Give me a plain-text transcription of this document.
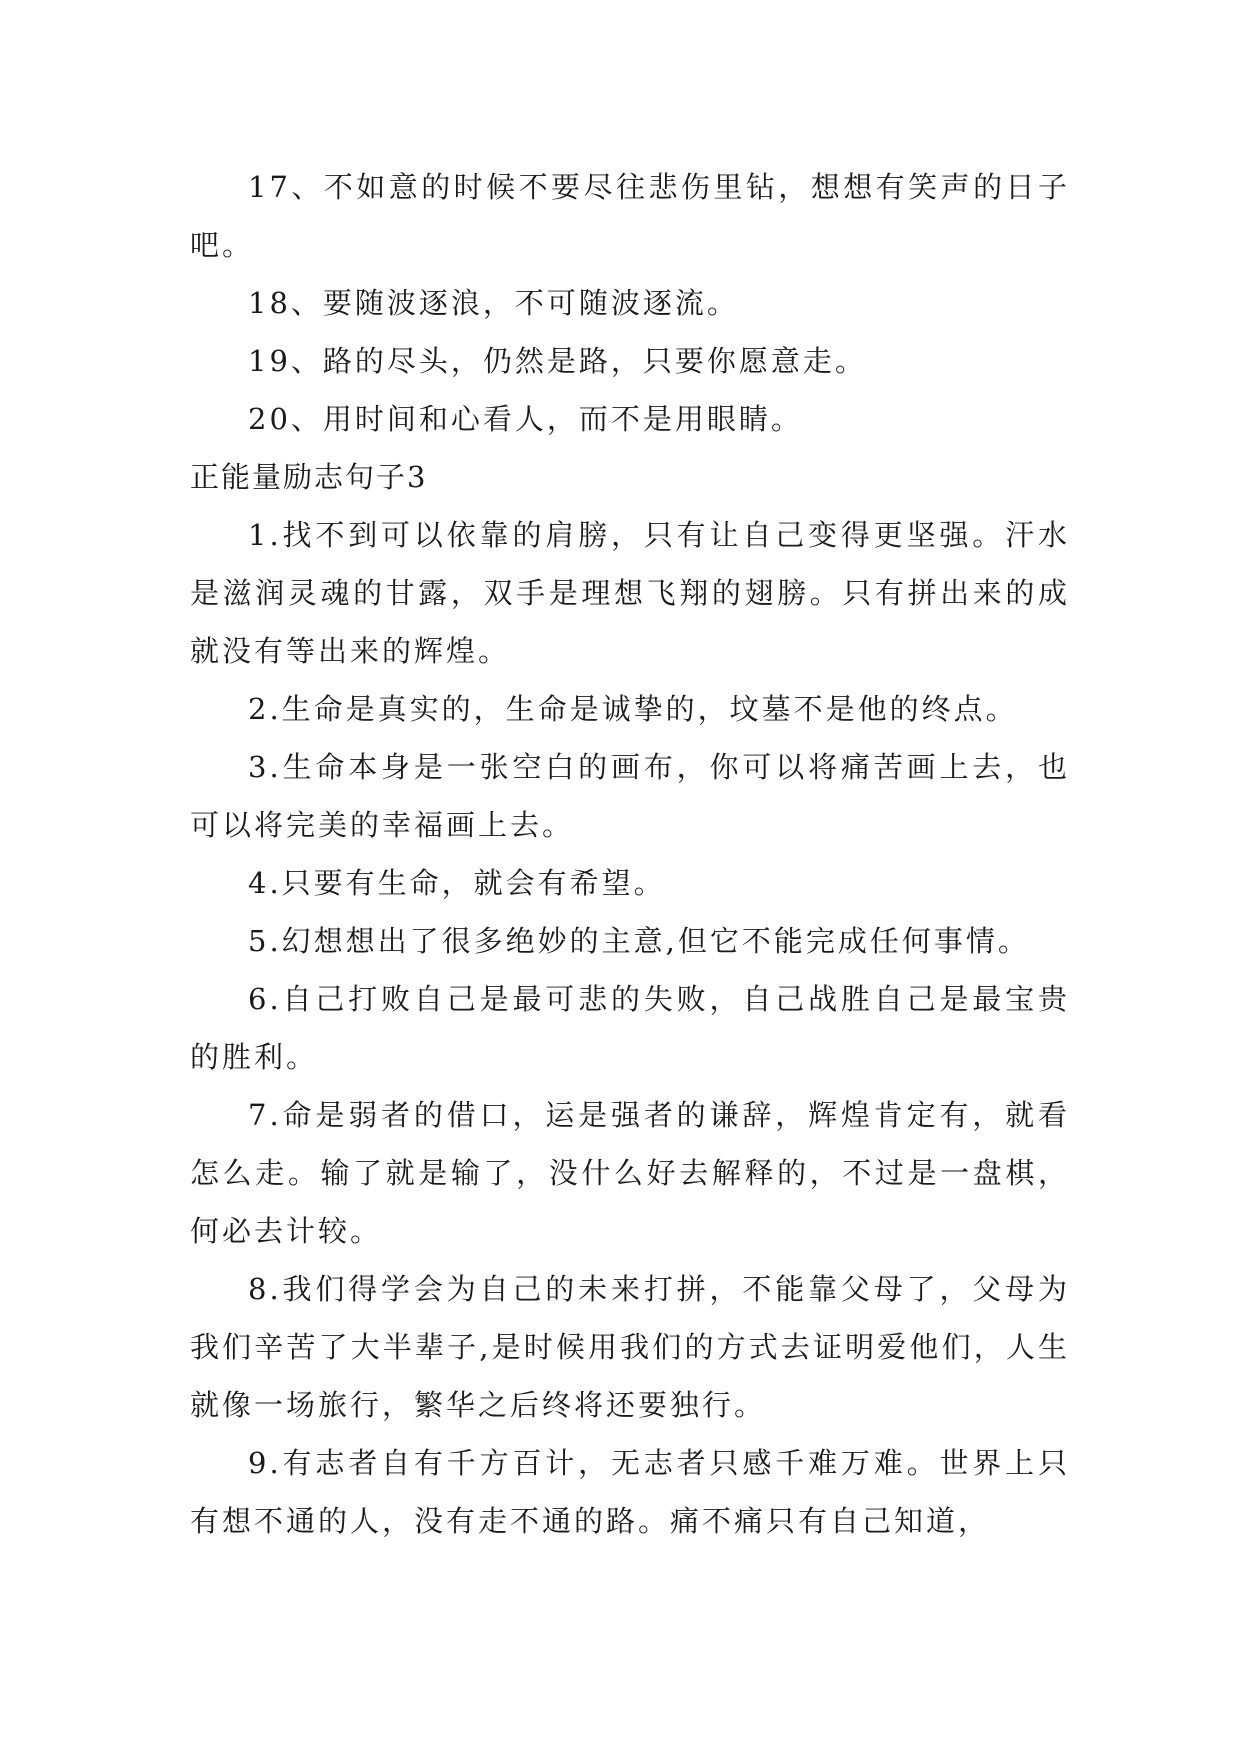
17、不如意的时候不要尽往悲伤里钻，想想有笑声的日子吧。

18、要随波逐浪，不可随波逐流。

19、路的尽头，仍然是路，只要你愿意走。

20、用时间和心看人，而不是用眼睛。

正能量励志句子3

1.找不到可以依靠的肩膀，只有让自己变得更坚强。汗水是滋润灵魂的甘露，双手是理想飞翔的翅膀。只有拼出来的成就没有等出来的辉煌。

2.生命是真实的，生命是诚挚的，坟墓不是他的终点。

3.生命本身是一张空白的画布，你可以将痛苦画上去，也可以将完美的幸福画上去。

4.只要有生命，就会有希望。

5.幻想想出了很多绝妙的主意,但它不能完成任何事情。

6.自己打败自己是最可悲的失败，自己战胜自己是最宝贵的胜利。

7.命是弱者的借口，运是强者的谦辞，辉煌肯定有，就看怎么走。输了就是输了，没什么好去解释的，不过是一盘棋，何必去计较。

8.我们得学会为自己的未来打拼，不能靠父母了，父母为我们辛苦了大半辈子,是时候用我们的方式去证明爱他们，人生就像一场旅行，繁华之后终将还要独行。

9.有志者自有千方百计，无志者只感千难万难。世界上只有想不通的人，没有走不通的路。痛不痛只有自己知道，
